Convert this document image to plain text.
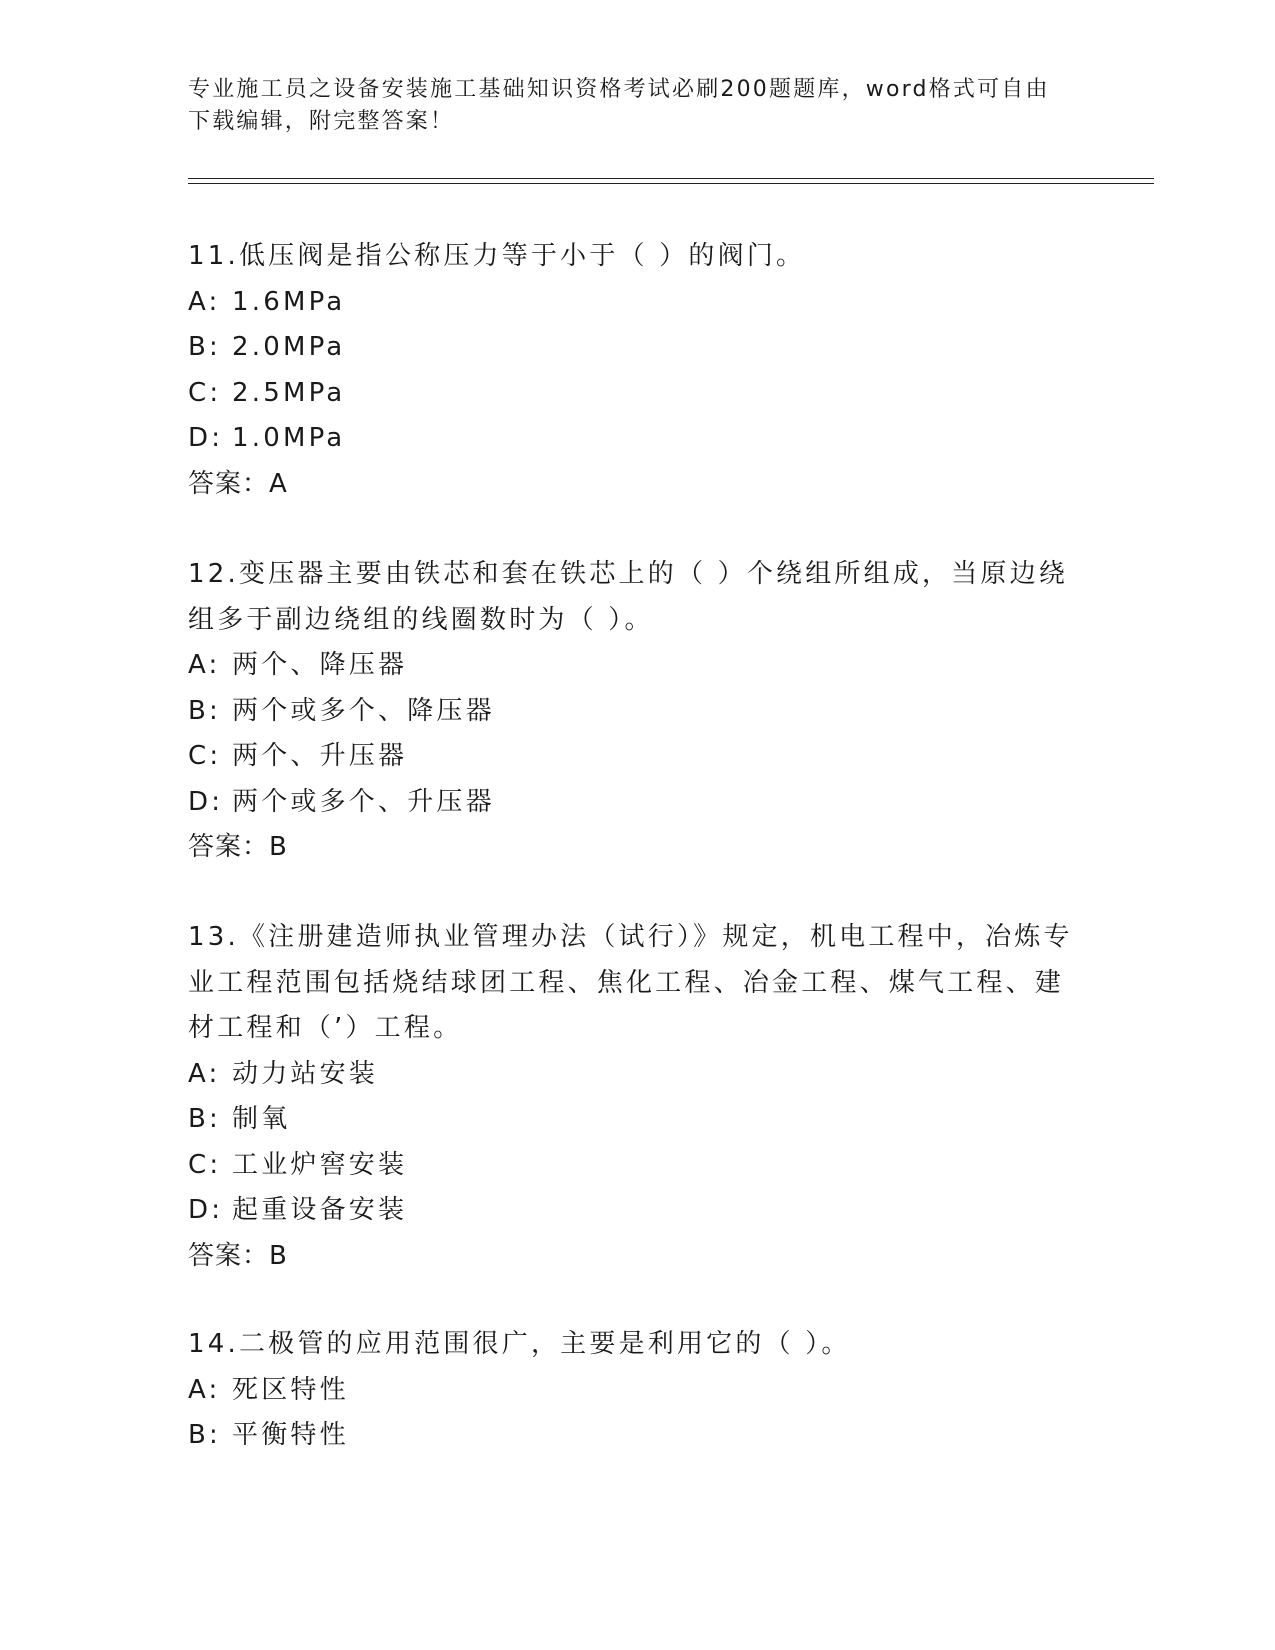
专业施工员之设备安装施工基础知识资格考试必刷200题题库，word格式可自由
下载编辑，附完整答案！

11.低压阀是指公称压力等于小于（ ）的阀门。

A: 1.6MPa

B: 2.0MPa

C: 2.5MPa

D: 1.0MPa

答案：A

12.变压器主要由铁芯和套在铁芯上的（ ）个绕组所组成，当原边绕组多于副边绕组的线圈数时为（ ）。

A: 两个、降压器

B: 两个或多个、降压器

C: 两个、升压器

D: 两个或多个、升压器

答案：B

13.《注册建造师执业管理办法（试行）》规定，机电工程中，冶炼专业工程范围包括烧结球团工程、焦化工程、冶金工程、煤气工程、建材工程和（’）工程。

A: 动力站安装

B: 制氧

C: 工业炉窖安装

D: 起重设备安装

答案：B

14.二极管的应用范围很广，主要是利用它的（ ）。

A: 死区特性

B: 平衡特性
